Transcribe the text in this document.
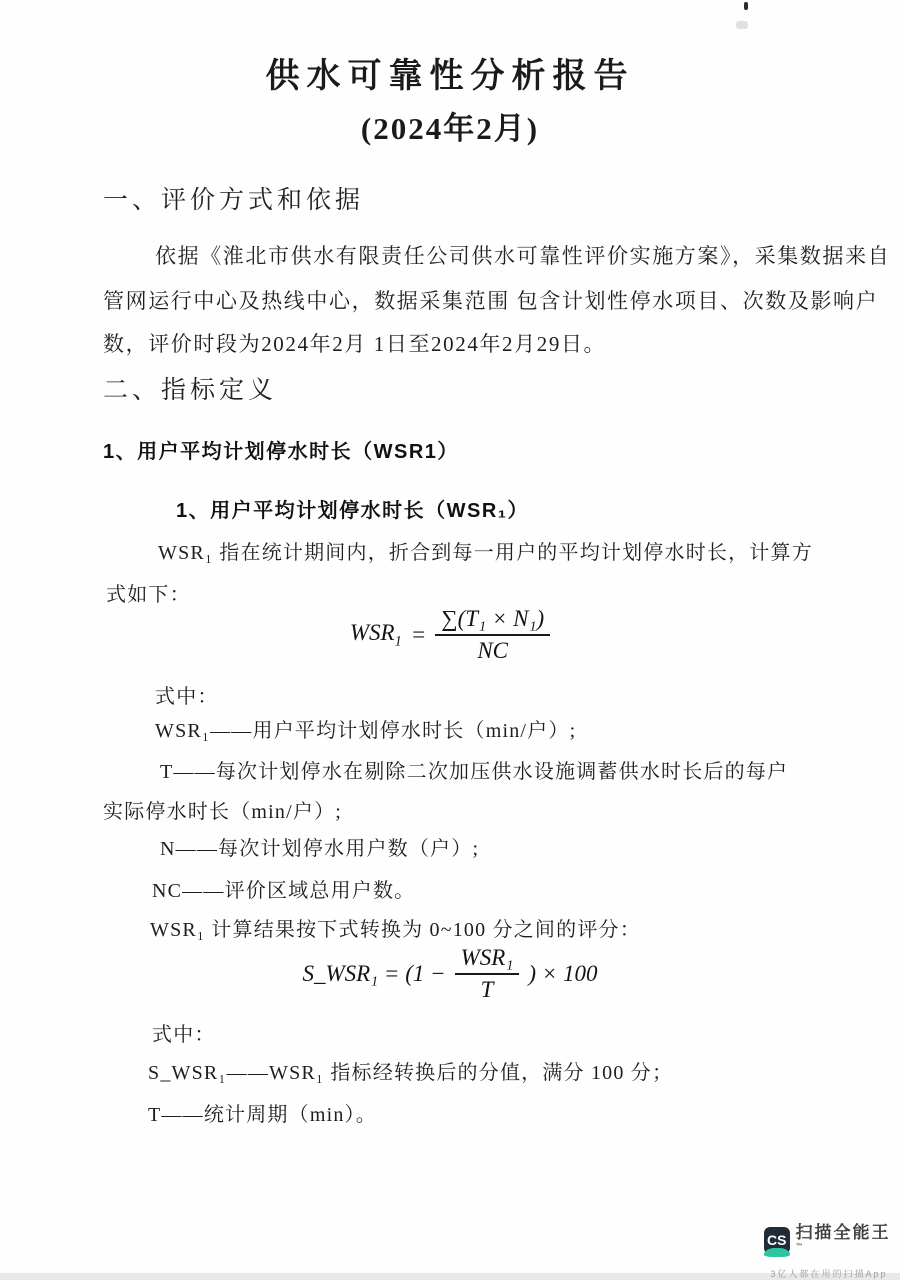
供水可靠性分析报告
(2024年2月)
一、评价方式和依据
依据《淮北市供水有限责任公司供水可靠性评价实施方案》，采集数据来自
管网运行中心及热线中心，数据采集范围 包含计划性停水项目、次数及影响户
数，评价时段为2024年2月 1日至2024年2月29日。
二、指标定义
1、用户平均计划停水时长（WSR1）
1、用户平均计划停水时长（WSR₁）
WSR₁ 指在统计期间内，折合到每一用户的平均计划停水时长，计算方
式如下：
$WSR_1 = \frac{\text{∑(T₁ × N₁)}}{NC}$
式中：
WSR₁——用户平均计划停水时长（min/户）;
T——每次计划停水在剔除二次加压供水设施调蓄供水时长后的每户
实际停水时长（min/户）;
N——每次计划停水用户数（户）;
NC——评价区域总用户数。
WSR₁ 计算结果按下式转换为 0~100 分之间的评分：
S_WSR₁ = ($1 - \frac{\text{WSR₁}}{T}$ ) × 100
式中：
S_WSR₁——WSR₁ 指标经转换后的分值，满分 100 分；
T——统计周期（min）。
CS 扫描全能王™
3亿人都在用的扫描App
